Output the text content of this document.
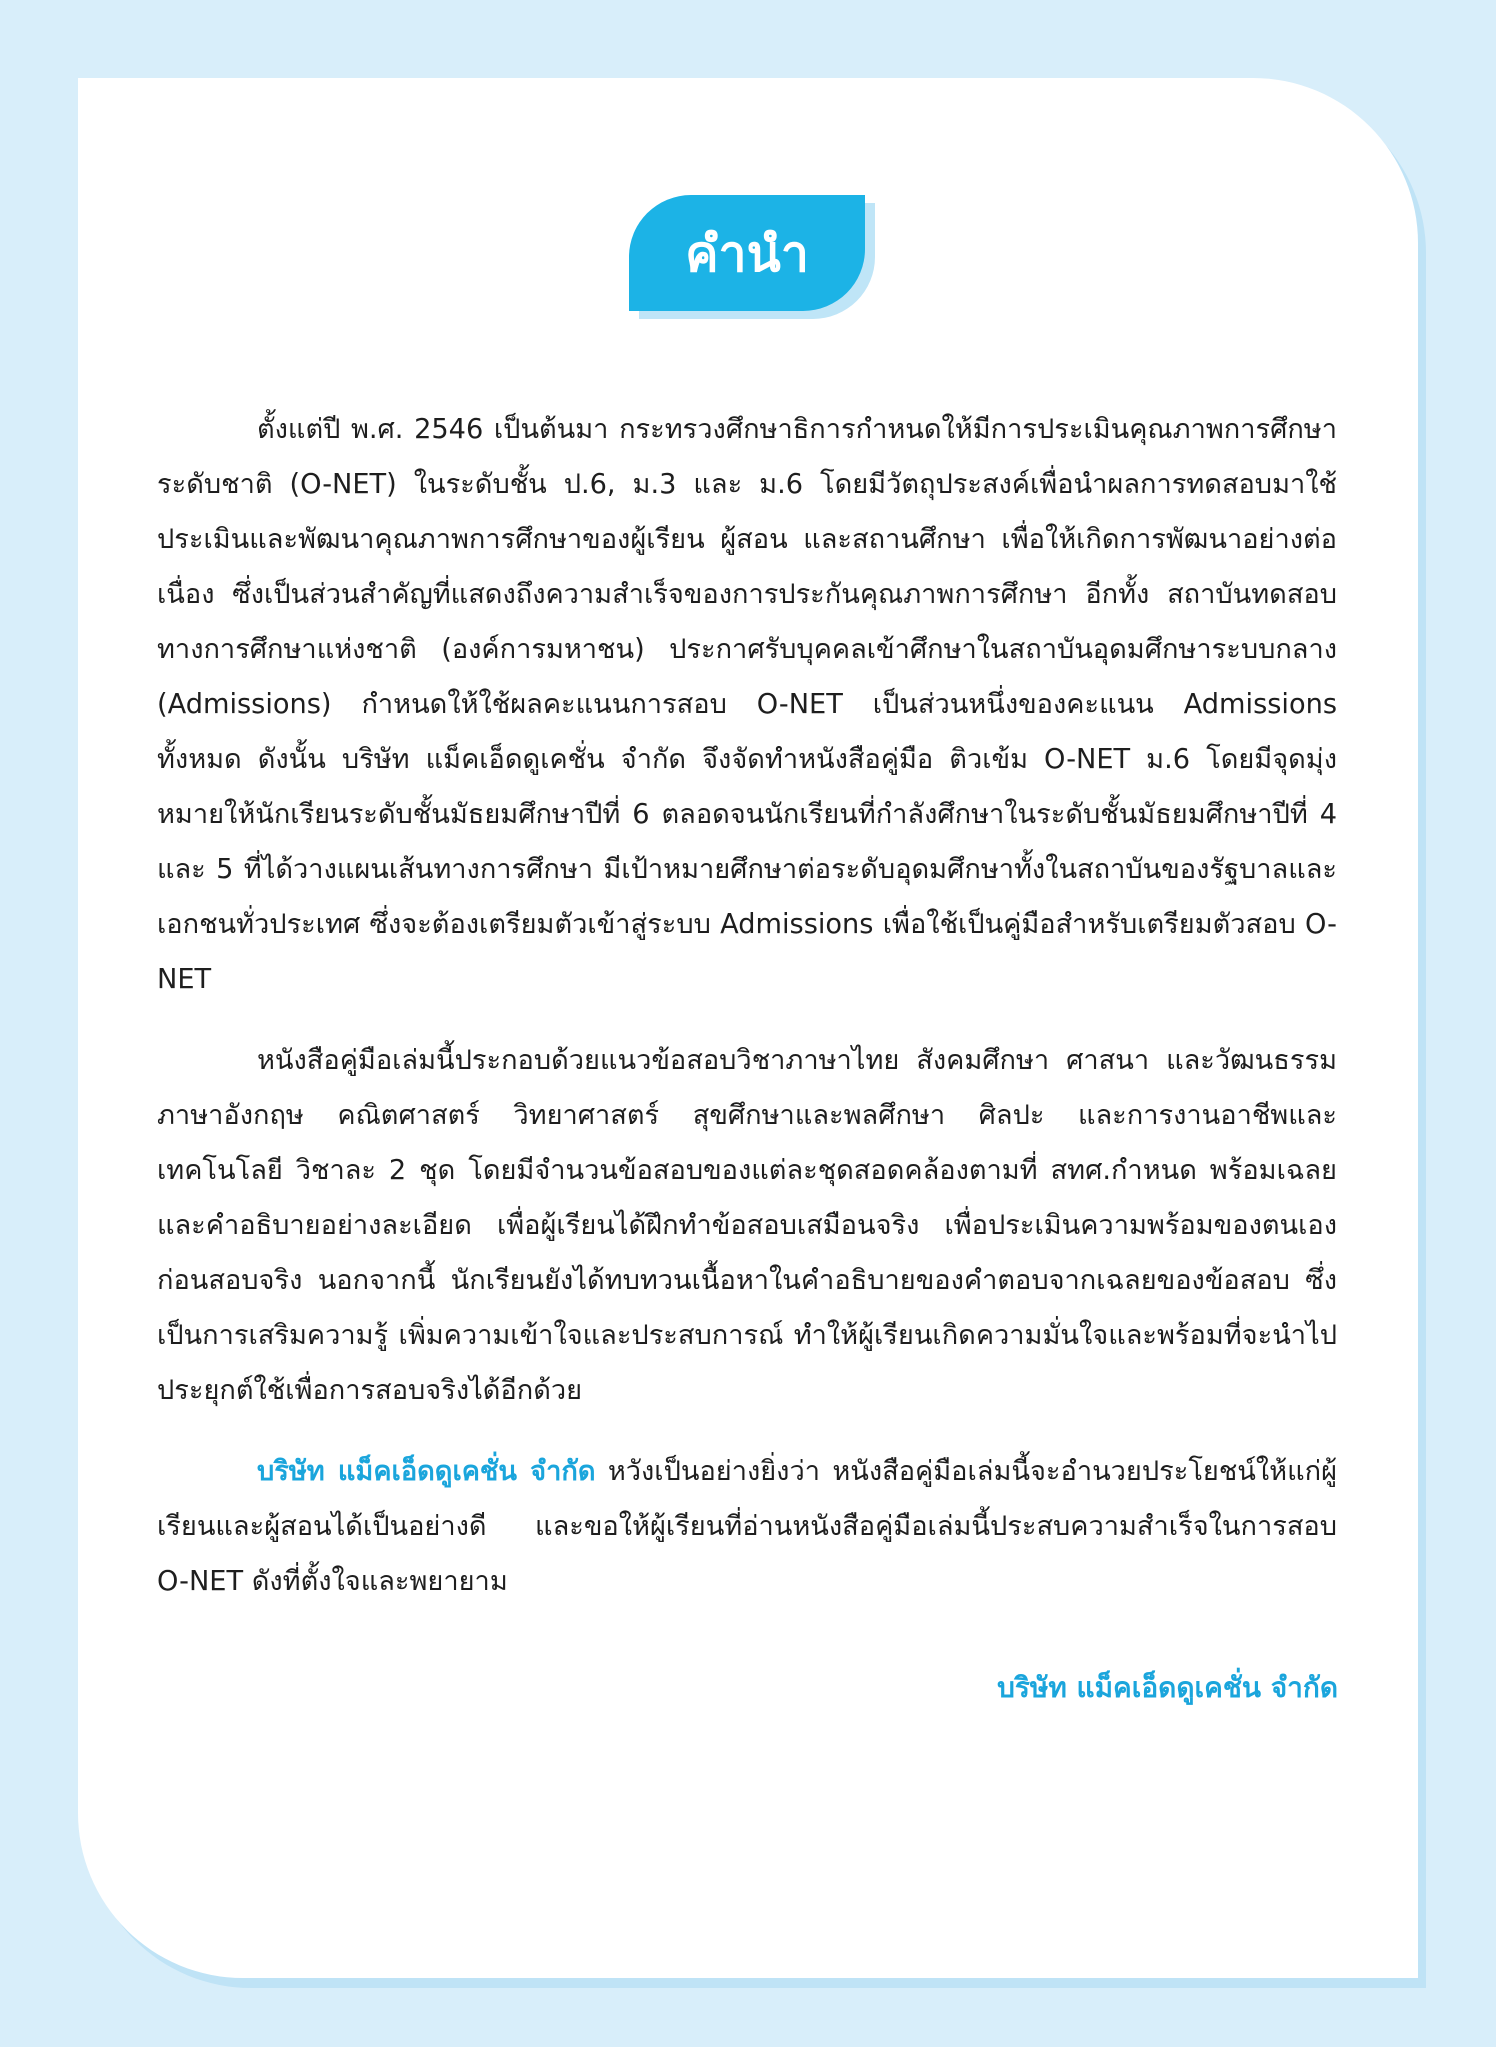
คำนำ

ตั้งแต่ปี พ.ศ. 2546 เป็นต้นมา กระทรวงศึกษาธิการกำหนดให้มีการประเมินคุณภาพการศึกษาระดับชาติ (O-NET) ในระดับชั้น ป.6, ม.3 และ ม.6 โดยมีวัตถุประสงค์เพื่อนำผลการทดสอบมาใช้ประเมินและพัฒนาคุณภาพการศึกษาของผู้เรียน ผู้สอน และสถานศึกษา เพื่อให้เกิดการพัฒนาอย่างต่อเนื่อง ซึ่งเป็นส่วนสำคัญที่แสดงถึงความสำเร็จของการประกันคุณภาพการศึกษา อีกทั้ง สถาบันทดสอบทางการศึกษาแห่งชาติ (องค์การมหาชน) ประกาศรับบุคคลเข้าศึกษาในสถาบันอุดมศึกษาระบบกลาง (Admissions) กำหนดให้ใช้ผลคะแนนการสอบ O-NET เป็นส่วนหนึ่งของคะแนน Admissions ทั้งหมด ดังนั้น บริษัท แม็คเอ็ดดูเคชั่น จำกัด จึงจัดทำหนังสือคู่มือ ติวเข้ม O-NET ม.6 โดยมีจุดมุ่งหมายให้นักเรียนระดับชั้นมัธยมศึกษาปีที่ 6 ตลอดจนนักเรียนที่กำลังศึกษาในระดับชั้นมัธยมศึกษาปีที่ 4 และ 5 ที่ได้วางแผนเส้นทางการศึกษา มีเป้าหมายศึกษาต่อระดับอุดมศึกษาทั้งในสถาบันของรัฐบาลและเอกชนทั่วประเทศ ซึ่งจะต้องเตรียมตัวเข้าสู่ระบบ Admissions เพื่อใช้เป็นคู่มือสำหรับเตรียมตัวสอบ O-NET

หนังสือคู่มือเล่มนี้ประกอบด้วยแนวข้อสอบวิชาภาษาไทย สังคมศึกษา ศาสนา และวัฒนธรรม ภาษาอังกฤษ คณิตศาสตร์ วิทยาศาสตร์ สุขศึกษาและพลศึกษา ศิลปะ และการงานอาชีพและเทคโนโลยี วิชาละ 2 ชุด โดยมีจำนวนข้อสอบของแต่ละชุดสอดคล้องตามที่ สทศ.กำหนด พร้อมเฉลยและคำอธิบายอย่างละเอียด เพื่อผู้เรียนได้ฝึกทำข้อสอบเสมือนจริง เพื่อประเมินความพร้อมของตนเองก่อนสอบจริง นอกจากนี้ นักเรียนยังได้ทบทวนเนื้อหาในคำอธิบายของคำตอบจากเฉลยของข้อสอบ ซึ่งเป็นการเสริมความรู้ เพิ่มความเข้าใจและประสบการณ์ ทำให้ผู้เรียนเกิดความมั่นใจและพร้อมที่จะนำไปประยุกต์ใช้เพื่อการสอบจริงได้อีกด้วย

บริษัท แม็คเอ็ดดูเคชั่น จำกัด หวังเป็นอย่างยิ่งว่า หนังสือคู่มือเล่มนี้จะอำนวยประโยชน์ให้แก่ผู้เรียนและผู้สอนได้เป็นอย่างดี และขอให้ผู้เรียนที่อ่านหนังสือคู่มือเล่มนี้ประสบความสำเร็จในการสอบ O-NET ดังที่ตั้งใจและพยายาม

บริษัท แม็คเอ็ดดูเคชั่น จำกัด
